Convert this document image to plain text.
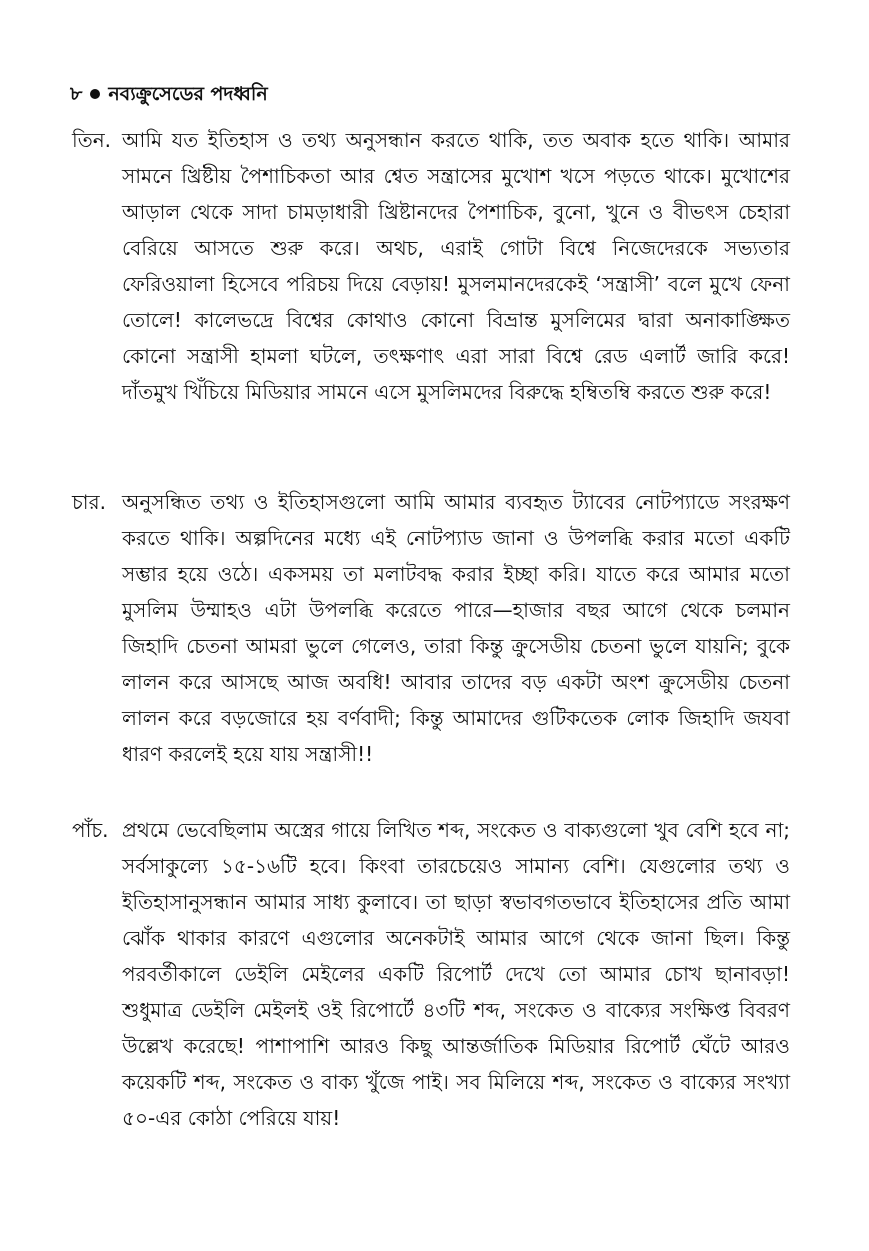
৮ নব্যক্রুসেডের পদধ্বনি
তিন. আমি যত ইতিহাস ও তথ্য অনুসন্ধান করতে থাকি, তত অবাক হতে থাকি। আমার সামনে খ্রিষ্টীয় পৈশাচিকতা আর শ্বেত সন্ত্রাসের মুখোশ খসে পড়তে থাকে। মুখোশের আড়াল থেকে সাদা চামড়াধারী খ্রিষ্টানদের পৈশাচিক, বুনো, খুনে ও বীভৎস চেহারা বেরিয়ে আসতে শুরু করে। অথচ, এরাই গোটা বিশ্বে নিজেদেরকে সভ্যতার ফেরিওয়ালা হিসেবে পরিচয় দিয়ে বেড়ায়! মুসলমানদেরকেই ‘সন্ত্রাসী’ বলে মুখে ফেনা তোলে! কালেভদ্রে বিশ্বের কোথাও কোনো বিভ্রান্ত মুসলিমের দ্বারা অনাকাঙ্ক্ষিত কোনো সন্ত্রাসী হামলা ঘটলে, তৎক্ষণাৎ এরা সারা বিশ্বে রেড এলার্ট জারি করে! দাঁতমুখ খিঁচিয়ে মিডিয়ার সামনে এসে মুসলিমদের বিরুদ্ধে হম্বিতম্বি করতে শুরু করে!
চার. অনুসন্ধিত তথ্য ও ইতিহাসগুলো আমি আমার ব্যবহৃত ট্যাবের নোটপ্যাডে সংরক্ষণ করতে থাকি। অল্পদিনের মধ্যে এই নোটপ্যাড জানা ও উপলব্ধি করার মতো একটি সম্ভার হয়ে ওঠে। একসময় তা মলাটবদ্ধ করার ইচ্ছা করি। যাতে করে আমার মতো মুসলিম উম্মাহও এটা উপলব্ধি করেতে পারে—হাজার বছর আগে থেকে চলমান জিহাদি চেতনা আমরা ভুলে গেলেও, তারা কিন্তু ক্রুসেডীয় চেতনা ভুলে যায়নি; বুকে লালন করে আসছে আজ অবধি! আবার তাদের বড় একটা অংশ ক্রুসেডীয় চেতনা লালন করে বড়জোরে হয় বর্ণবাদী; কিন্তু আমাদের গুটিকতেক লোক জিহাদি জযবা ধারণ করলেই হয়ে যায় সন্ত্রাসী!!
পাঁচ. প্রথমে ভেবেছিলাম অস্ত্রের গায়ে লিখিত শব্দ, সংকেত ও বাক্যগুলো খুব বেশি হবে না; সর্বসাকুল্যে ১৫-১৬টি হবে। কিংবা তারচেয়েও সামান্য বেশি। যেগুলোর তথ্য ও ইতিহাসানুসন্ধান আমার সাধ্য কুলাবে। তা ছাড়া স্বভাবগতভাবে ইতিহাসের প্রতি আমা ঝোঁক থাকার কারণে এগুলোর অনেকটাই আমার আগে থেকে জানা ছিল। কিন্তু পরবর্তীকালে ডেইলি মেইলের একটি রিপোর্ট দেখে তো আমার চোখ ছানাবড়া! শুধুমাত্র ডেইলি মেইলই ওই রিপোর্টে ৪৩টি শব্দ, সংকেত ও বাক্যের সংক্ষিপ্ত বিবরণ উল্লেখ করেছে! পাশাপাশি আরও কিছু আন্তর্জাতিক মিডিয়ার রিপোর্ট ঘেঁটে আরও কয়েকটি শব্দ, সংকেত ও বাক্য খুঁজে পাই। সব মিলিয়ে শব্দ, সংকেত ও বাক্যের সংখ্যা ৫০-এর কোঠা পেরিয়ে যায়!
